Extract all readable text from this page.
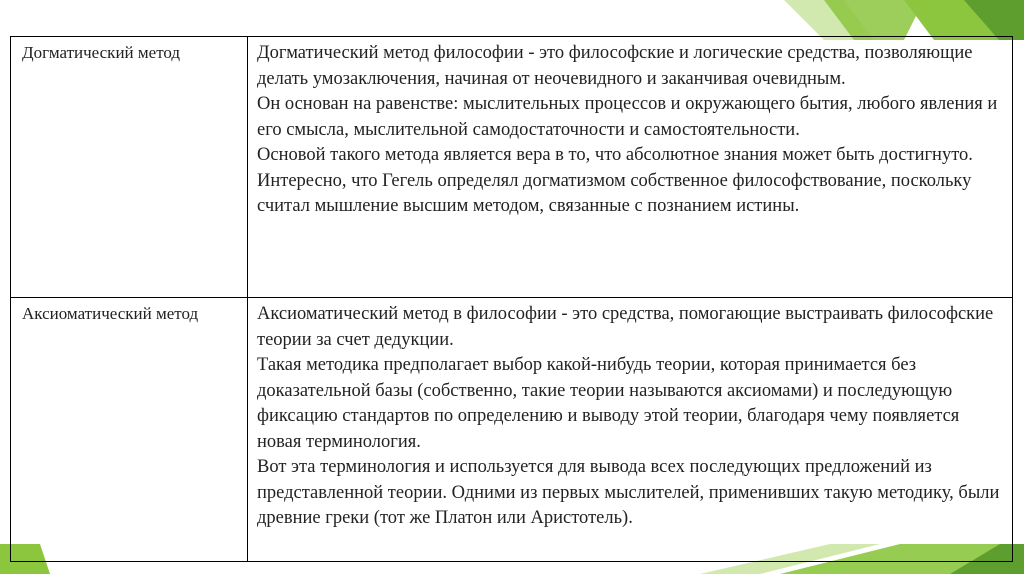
Догматический метод	Догматический метод философии - это философские и логические средства, позволяющие делать умозаключения, начиная от неочевидного и заканчивая очевидным.

Он основан на равенстве: мыслительных процессов и окружающего бытия, любого явления и его смысла, мыслительной самодостаточности и самостоятельности.

Основой такого метода является вера в то, что абсолютное знания может быть достигнуто. Интересно, что Гегель определял догматизмом собственное философствование, поскольку считал мышление высшим методом, связанные с познанием истины.

Аксиоматический метод	Аксиоматический метод в философии - это средства, помогающие выстраивать философские теории за счет дедукции.

Такая методика предполагает выбор какой-нибудь теории, которая принимается без доказательной базы (собственно, такие теории называются аксиомами) и последующую фиксацию стандартов по определению и выводу этой теории, благодаря чему появляется новая терминология.

Вот эта терминология и используется для вывода всех последующих предложений из представленной теории. Одними из первых мыслителей, применивших такую методику, были древние греки (тот же Платон или Аристотель).
